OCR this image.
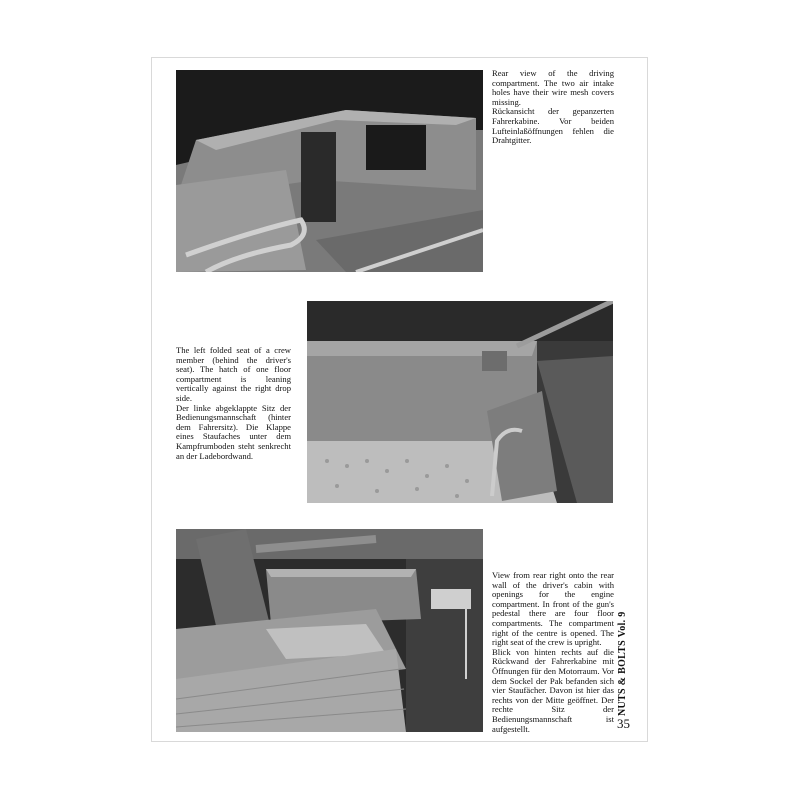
Rear view of the driving compartment. The two air intake holes have their wire mesh covers missing.

Rückansicht der gepanzerten Fahrerkabine. Vor beiden Lufteinlaßöffnungen fehlen die Drahtgitter.

The left folded seat of a crew member (behind the driver's seat). The hatch of one floor compartment is leaning vertically against the right drop side.

Der linke abgeklappte Sitz der Bedienungsmannschaft (hinter dem Fahrersitz). Die Klappe eines Staufaches unter dem Kampfrumboden steht senkrecht an der Ladebordwand.

View from rear right onto the rear wall of the driver's cabin with openings for the engine compartment. In front of the gun's pedestal there are four floor compartments. The compartment right of the centre is opened. The right seat of the crew is upright.

Blick von hinten rechts auf die Rückwand der Fahrerkabine mit Öffnungen für den Motorraum. Vor dem Sockel der Pak befanden sich vier Staufächer. Davon ist hier das rechts von der Mitte geöffnet. Der rechte Sitz der Bedienungsmannschaft ist aufgestellt.

NUTS & BOLTS Vol. 9
35
